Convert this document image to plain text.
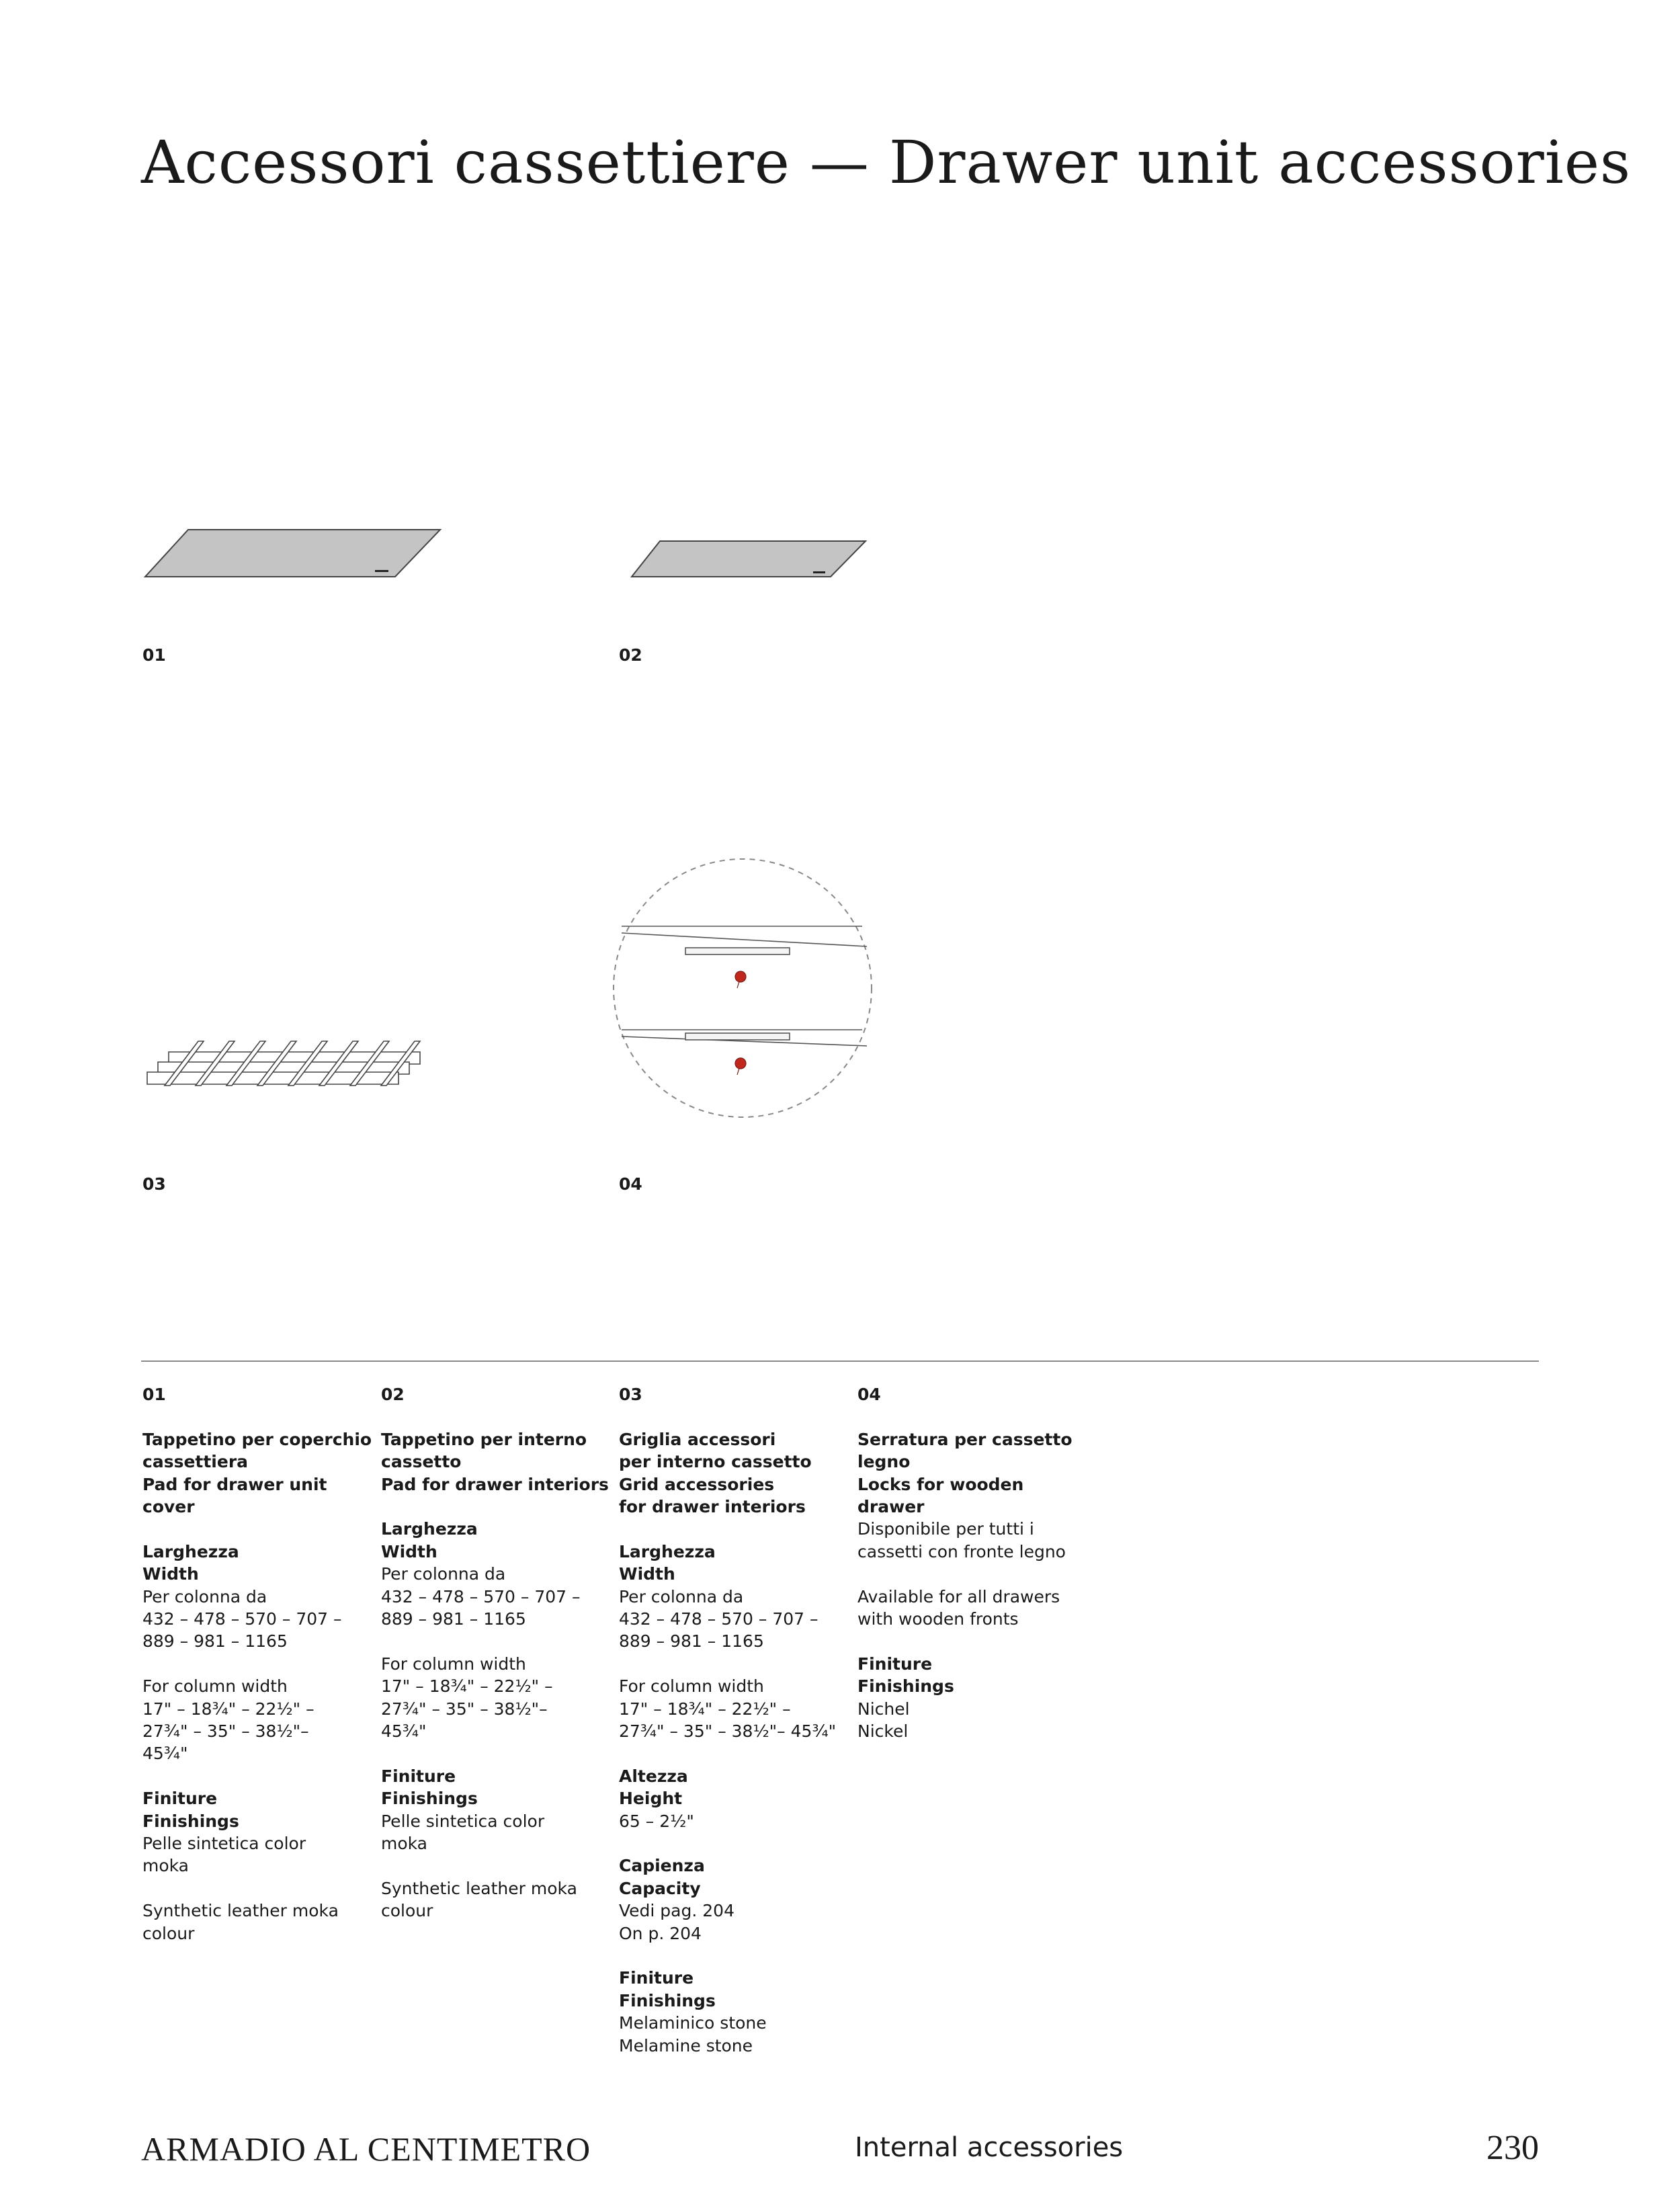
Accessori cassettiere — Drawer unit accessories
01	02
03	04
01
Tappetino per coperchio
cassettiera
Pad for drawer unit
cover
Larghezza
Width
Per colonna da
432 – 478 – 570 – 707 –
889 – 981 – 1165
For column width
17" – 18¾" – 22½" –
27¾" – 35" – 38½"–
45¾"
Finiture
Finishings
Pelle sintetica color
moka
Synthetic leather moka
colour
02
Tappetino per interno
cassetto
Pad for drawer interiors
Larghezza
Width
Per colonna da
432 – 478 – 570 – 707 –
889 – 981 – 1165
For column width
17" – 18¾" – 22½" –
27¾" – 35" – 38½"–
45¾"
Finiture
Finishings
Pelle sintetica color
moka
Synthetic leather moka
colour
03
Griglia accessori
per interno cassetto
Grid accessories
for drawer interiors
Larghezza
Width
Per colonna da
432 – 478 – 570 – 707 –
889 – 981 – 1165
For column width
17" – 18¾" – 22½" –
27¾" – 35" – 38½"– 45¾"
Altezza
Height
65 – 2½"
Capienza
Capacity
Vedi pag. 204
On p. 204
Finiture
Finishings
Melaminico stone
Melamine stone
04
Serratura per cassetto
legno
Locks for wooden
drawer
Disponibile per tutti i
cassetti con fronte legno
Available for all drawers
with wooden fronts
Finiture
Finishings
Nichel
Nickel
ARMADIO AL CENTIMETRO	Internal accessories	230
